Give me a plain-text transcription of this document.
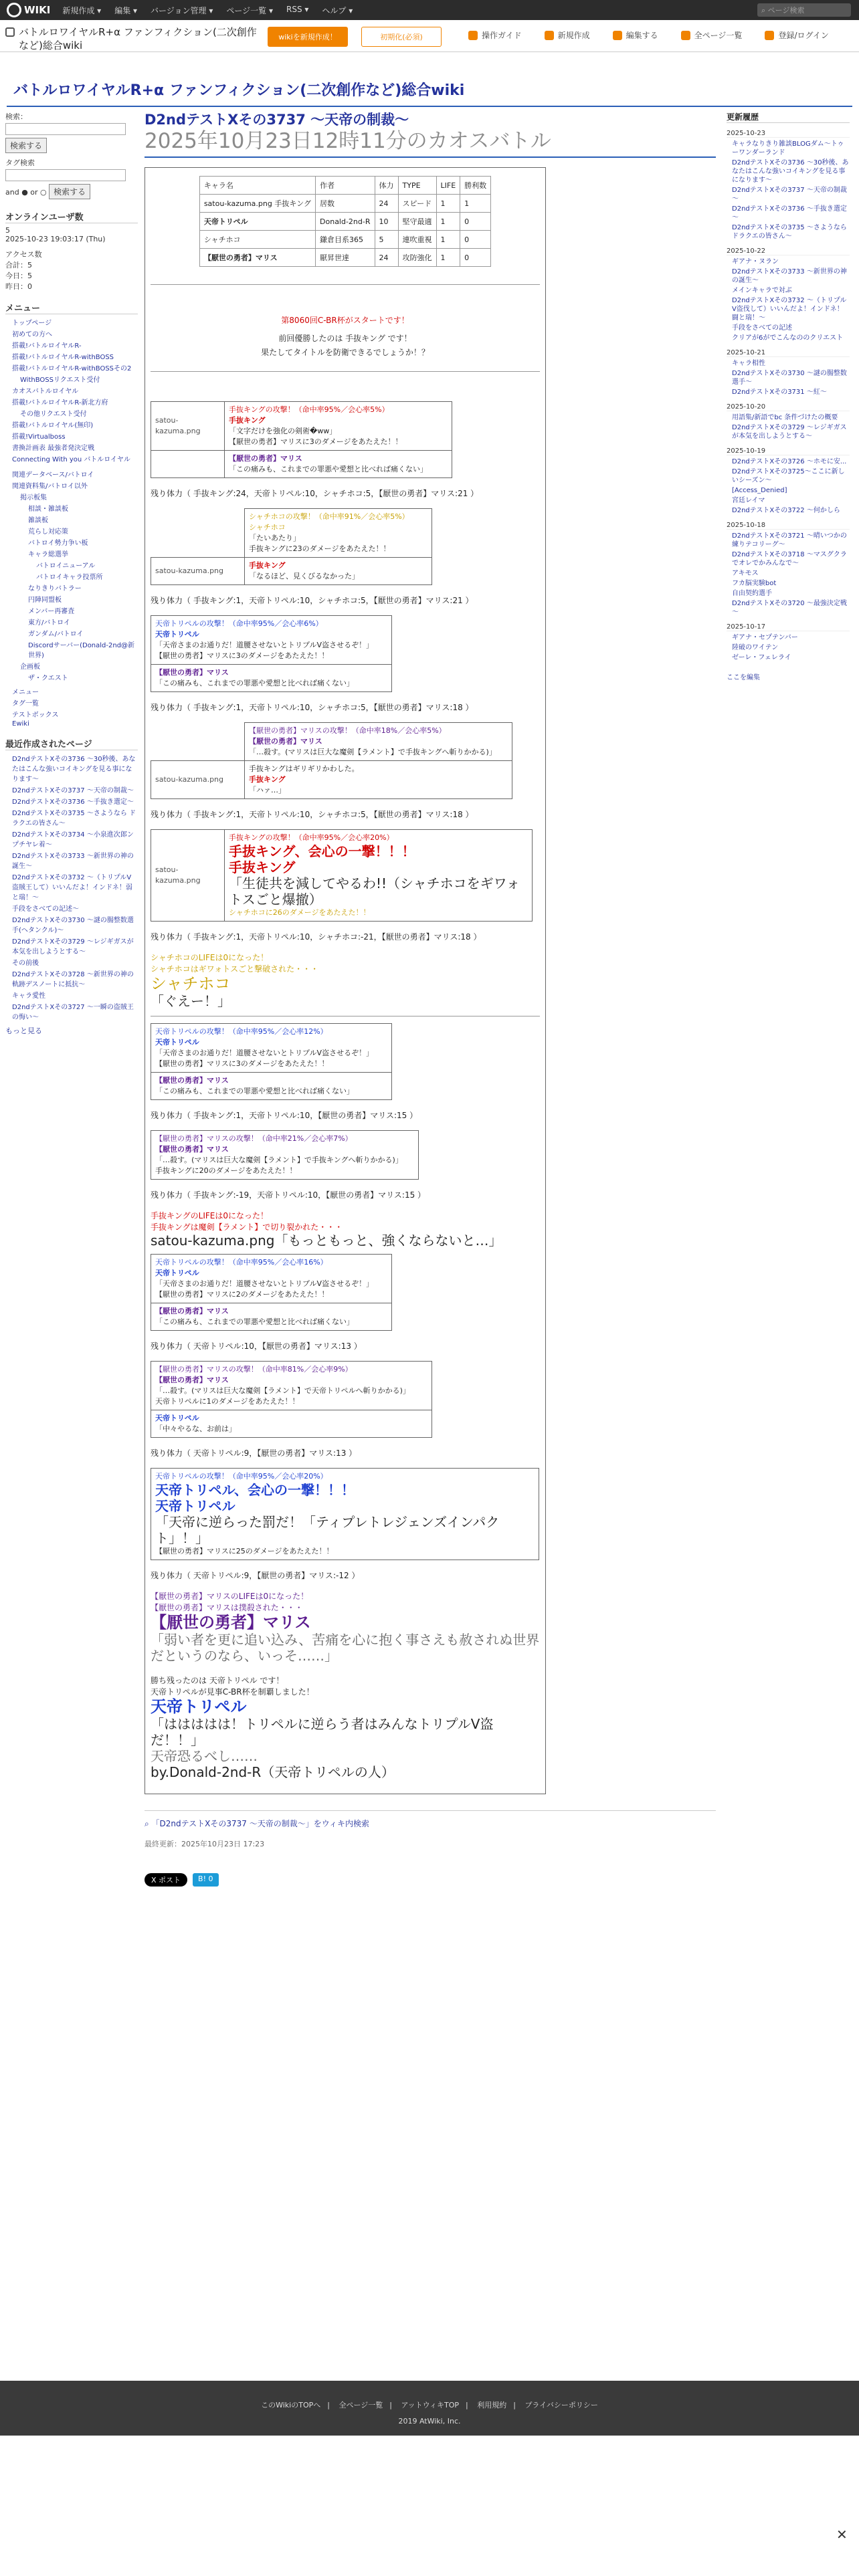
WIKI 新規作成 ▾ 編集 ▾ バージョン管理 ▾ ページ一覧 ▾ RSS ▾ ヘルプ ▾	⌕ ページ検索
バトルロワイヤルR+α ファンフィクション(二次創作など)総合wiki
wikiを新規作成！	初期化(必須)	操作ガイド	新規作成	編集する	全ページ一覧	登録/ログイン
バトルロワイヤルR+α ファンフィクション(二次創作など)総合wiki
検索：
検索する
タグ検索
and ● or ○ 検索する
オンラインユーザ数
5
2025-10-23 19:03:17 (Thu)
アクセス数
合計：5
今日：5
昨日：0
メニュー
トップページ
初めての方へ
搭載!バトルロイヤルR-
搭載!バトルロイヤルR-withBOSS
搭載!バトルロイヤルR-withBOSSその2
WithBOSSリクエスト受付
カオスバトルロイヤル
搭載!バトルロイヤルR-新北方府
その他リクエスト受付
搭載!バトルロイヤル(無印)
搭載!Virtualboss
書換計画表 最強者発決定戦
Connecting With you バトルロイヤル
関連データベース/バトロイ
関連資料集/バトロイ以外
掲示板集
相談・雑談板
雑談板
荒らし対応策
バトロイ勢力争い板
キャラ総選挙
バトロイニューアル
バトロイキャラ投票所
なりきりバトラー
円陣同盟板
メンバー再審査
東方/バトロイ
ガンダム/バトロイ
Discordサーバー(Donald-2nd@新世界)
企画板
ザ・クエスト
メニュー
タグ一覧
テストボックス
Ewiki
最近作成されたページ
D2ndテストXその3736 ～30秒後、あなたはこんな強いコイキングを見る事になります～
D2ndテストXその3737 ～天帝の制裁～
D2ndテストXその3736 ～手抜き選定～
D2ndテストXその3735 ～さようなら ドラクエの皆さん～
D2ndテストXその3734 ～小泉進次郎ンプチヤレ着～
D2ndテストXその3733 ～新世界の神の誕生～
D2ndテストXその3732 ～（トリプルV盗賊王して）いいんだよ！インドネ！弱と瑞！～
手段をさべての記述～
D2ndテストXその3730 ～謎の腸整数選手(ヘタンクル)～
D2ndテストXその3729 ～レジギガスが本気を出しようとする～
その前後
D2ndテストXその3728 ～新世界の神の軌跡デスノートに抵抗～
キャラ愛性
D2ndテストXその3727 ～一瞬の盗賊王の悔い～
もっと見る
D2ndテストXその3737 ～天帝の制裁～
2025年10月23日12時11分のカオスバトル
キャラ名	作者	体力	TYPE	LIFE	勝利数
satou-kazuma.png 手抜キング	居数	24	スピード	1	1
天帝トリペル	Donald-2nd-R	10	堅守最適	1	0
シャチホコ	鎌倉目系365	5	連吹重視	1	0
【厭世の勇者】マリス	厭昇世達	24	攻防強化	1	0
第8060回C-BR杯がスタートです！
前回優勝したのは 手抜キング です！
果たしてタイトルを防衛できるでしょうか！？
satou-kazuma.png	手抜キングの攻撃！（命中率95%／会心率5%）
手抜キング
「文字だけを強化の剣術�ww」
【厭世の勇者】マリスに3のダメージをあたえた！！

	【厭世の勇者】マリス
「この痛みも、これまでの罪悪や愛想と比べれば痛くない」
残り体力（ 手抜キング:24，天帝トリペル:10，シャチホコ:5，【厭世の勇者】マリス:21 ）

	シャチホコの攻撃！（命中率91%／会心率5%）
シャチホコ
「たいあたり」
手抜キングに23のダメージをあたえた！！

satou-kazuma.png	手抜キング
「なるほど、見くびるなかった」
残り体力（ 手抜キング:1，天帝トリペル:10，シャチホコ:5，【厭世の勇者】マリス:21 ）
天帝トリペルの攻撃！（命中率95%／会心率6%）
天帝トリペル
「天帝さまのお通りだ！道腰させないとトリプルV盗させるぞ！」
【厭世の勇者】マリスに3のダメージをあたえた！！

【厭世の勇者】マリス
「この痛みも、これまでの罪悪や愛想と比べれば痛くない」
残り体力（ 手抜キング:1，天帝トリペル:10，シャチホコ:5，【厭世の勇者】マリス:18 ）

	【厭世の勇者】マリスの攻撃！（命中率18%／会心率5%）
【厭世の勇者】マリス
「…殺す。(マリスは巨大な魔剣【ラメント】で手抜キングへ斬りかかる)」

satou-kazuma.png	手抜キングはギリギリかわした。
手抜キング
「ハァ…」
残り体力（ 手抜キング:1，天帝トリペル:10，シャチホコ:5，【厭世の勇者】マリス:18 ）
satou-kazuma.png	
手抜キングの攻撃！（命中率95%／会心率20%）
手抜キング、会心の一撃！！！
手抜キング
「生徒共を減してやるわ!!（シャチホコをギワォトスごと爆撤）
シャチホコに26のダメージをあたえた！！
残り体力（ 手抜キング:1，天帝トリペル:10，シャチホコ:-21，【厭世の勇者】マリス:18 ）
シャチホコのLIFEは0になった！
シャチホコはギワォトスごと撃破された・・・
シャチホコ
「ぐえー！」
天帝トリペルの攻撃！（命中率95%／会心率12%）
天帝トリペル
「天帝さまのお通りだ！道腰させないとトリプルV盗させるぞ！」
【厭世の勇者】マリスに3のダメージをあたえた！！

【厭世の勇者】マリス
「この痛みも、これまでの罪悪や愛想と比べれば痛くない」
残り体力（ 手抜キング:1，天帝トリペル:10，【厭世の勇者】マリス:15 ）
【厭世の勇者】マリスの攻撃！（命中率21%／会心率7%）
【厭世の勇者】マリス
「…殺す。(マリスは巨大な魔剣【ラメント】で手抜キングへ斬りかかる)」
手抜キングに20のダメージをあたえた！！
残り体力（ 手抜キング:-19，天帝トリペル:10，【厭世の勇者】マリス:15 ）
手抜キングのLIFEは0になった！
手抜キングは魔剣【ラメント】で切り裂かれた・・・
satou-kazuma.png「もっともっと、強くならないと…」
天帝トリペルの攻撃！（命中率95%／会心率16%）
天帝トリペル
「天帝さまのお通りだ！道腰させないとトリプルV盗させるぞ！」
【厭世の勇者】マリスに2のダメージをあたえた！！

【厭世の勇者】マリス
「この痛みも、これまでの罪悪や愛想と比べれば痛くない」
残り体力（ 天帝トリペル:10，【厭世の勇者】マリス:13 ）
【厭世の勇者】マリスの攻撃！（命中率81%／会心率9%）
【厭世の勇者】マリス
「…殺す。(マリスは巨大な魔剣【ラメント】で天帝トリペルへ斬りかかる)」
天帝トリペルに1のダメージをあたえた！！

天帝トリペル
「中々やるな、お前は」
残り体力（ 天帝トリペル:9，【厭世の勇者】マリス:13 ）
天帝トリペルの攻撃！（命中率95%／会心率20%）
天帝トリペル、会心の一撃！！！
天帝トリペル
「天帝に逆らった罰だ！「ティプレトレジェンズインパクト」！」
【厭世の勇者】マリスに25のダメージをあたえた！！
残り体力（ 天帝トリペル:9，【厭世の勇者】マリス:-12 ）
【厭世の勇者】マリスのLIFEは0になった！
【厭世の勇者】マリスは撲殺された・・・
【厭世の勇者】マリス
「弱い者を更に追い込み、苦痛を心に抱く事さえも赦されぬ世界だというのなら、いっそ……」
勝ち残ったのは 天帝トリペル です！
天帝トリペルが見事C-BR杯を制覇しました！
天帝トリペル
「ははははは！トリペルに逆らう者はみんなトリプルV盗だ！！」
天帝恐るべし……
by.Donald-2nd-R（天帝トリペルの人）
⌕ 「D2ndテストXその3737 ～天帝の制裁～」をウィキ内検索
最終更新：2025年10月23日 17:23
X ポスト	B! 0
更新履歴
2025-10-23
キャラなりきり雑談BLOGダム～トゥーワンダーランド
D2ndテストXその3736 ～30秒後、あなたはこんな強いコイキングを見る事になります～
D2ndテストXその3737 ～天帝の制裁～
D2ndテストXその3736 ～手抜き選定～
D2ndテストXその3735 ～さようならドラクエの皆さん～
2025-10-22
ギアナ・ヌラン
D2ndテストXその3733 ～新世界の神の誕生～
メインキャラで対ぶ
D2ndテストXその3732 ～（トリプルV盗伐して）いいんだよ！インドネ！闘と瑞！～
手段をさべての記述
クリアが6がでこんなののクリエスト
2025-10-21
キャラ相性
D2ndテストXその3730 ～謎の腸整数選手～
D2ndテストXその3731 ～紅～
2025-10-20
用語集/新語でbc 条件づけたの概要
D2ndテストXその3729 ～レジギガスが本気を出しようとする～
2025-10-19
D2ndテストXその3726 ～ホモに安...
D2ndテストXその3725～ここに新しいシーズン～
[Access_Denied]
宮廷レイマ
D2ndテストXその3722 ～何かしら
2025-10-18
D2ndテストXその3721 ～晴いつかの練りテコリーグ～
D2ndテストXその3718 ～マスグクラでオレでかみんなで～
アキモス
フカ脳実験bot
自由契約選手
D2ndテストXその3720 ～最強決定戦～
2025-10-17
ギアナ・セプテンバー
陸破のワイテン
ゼーレ・フェレライ
ここを編集
このWikiのTOPへ | 全ページ一覧 | アットウィキTOP | 利用規約 | プライバシーポリシー
2019 AtWiki, Inc.
✕
